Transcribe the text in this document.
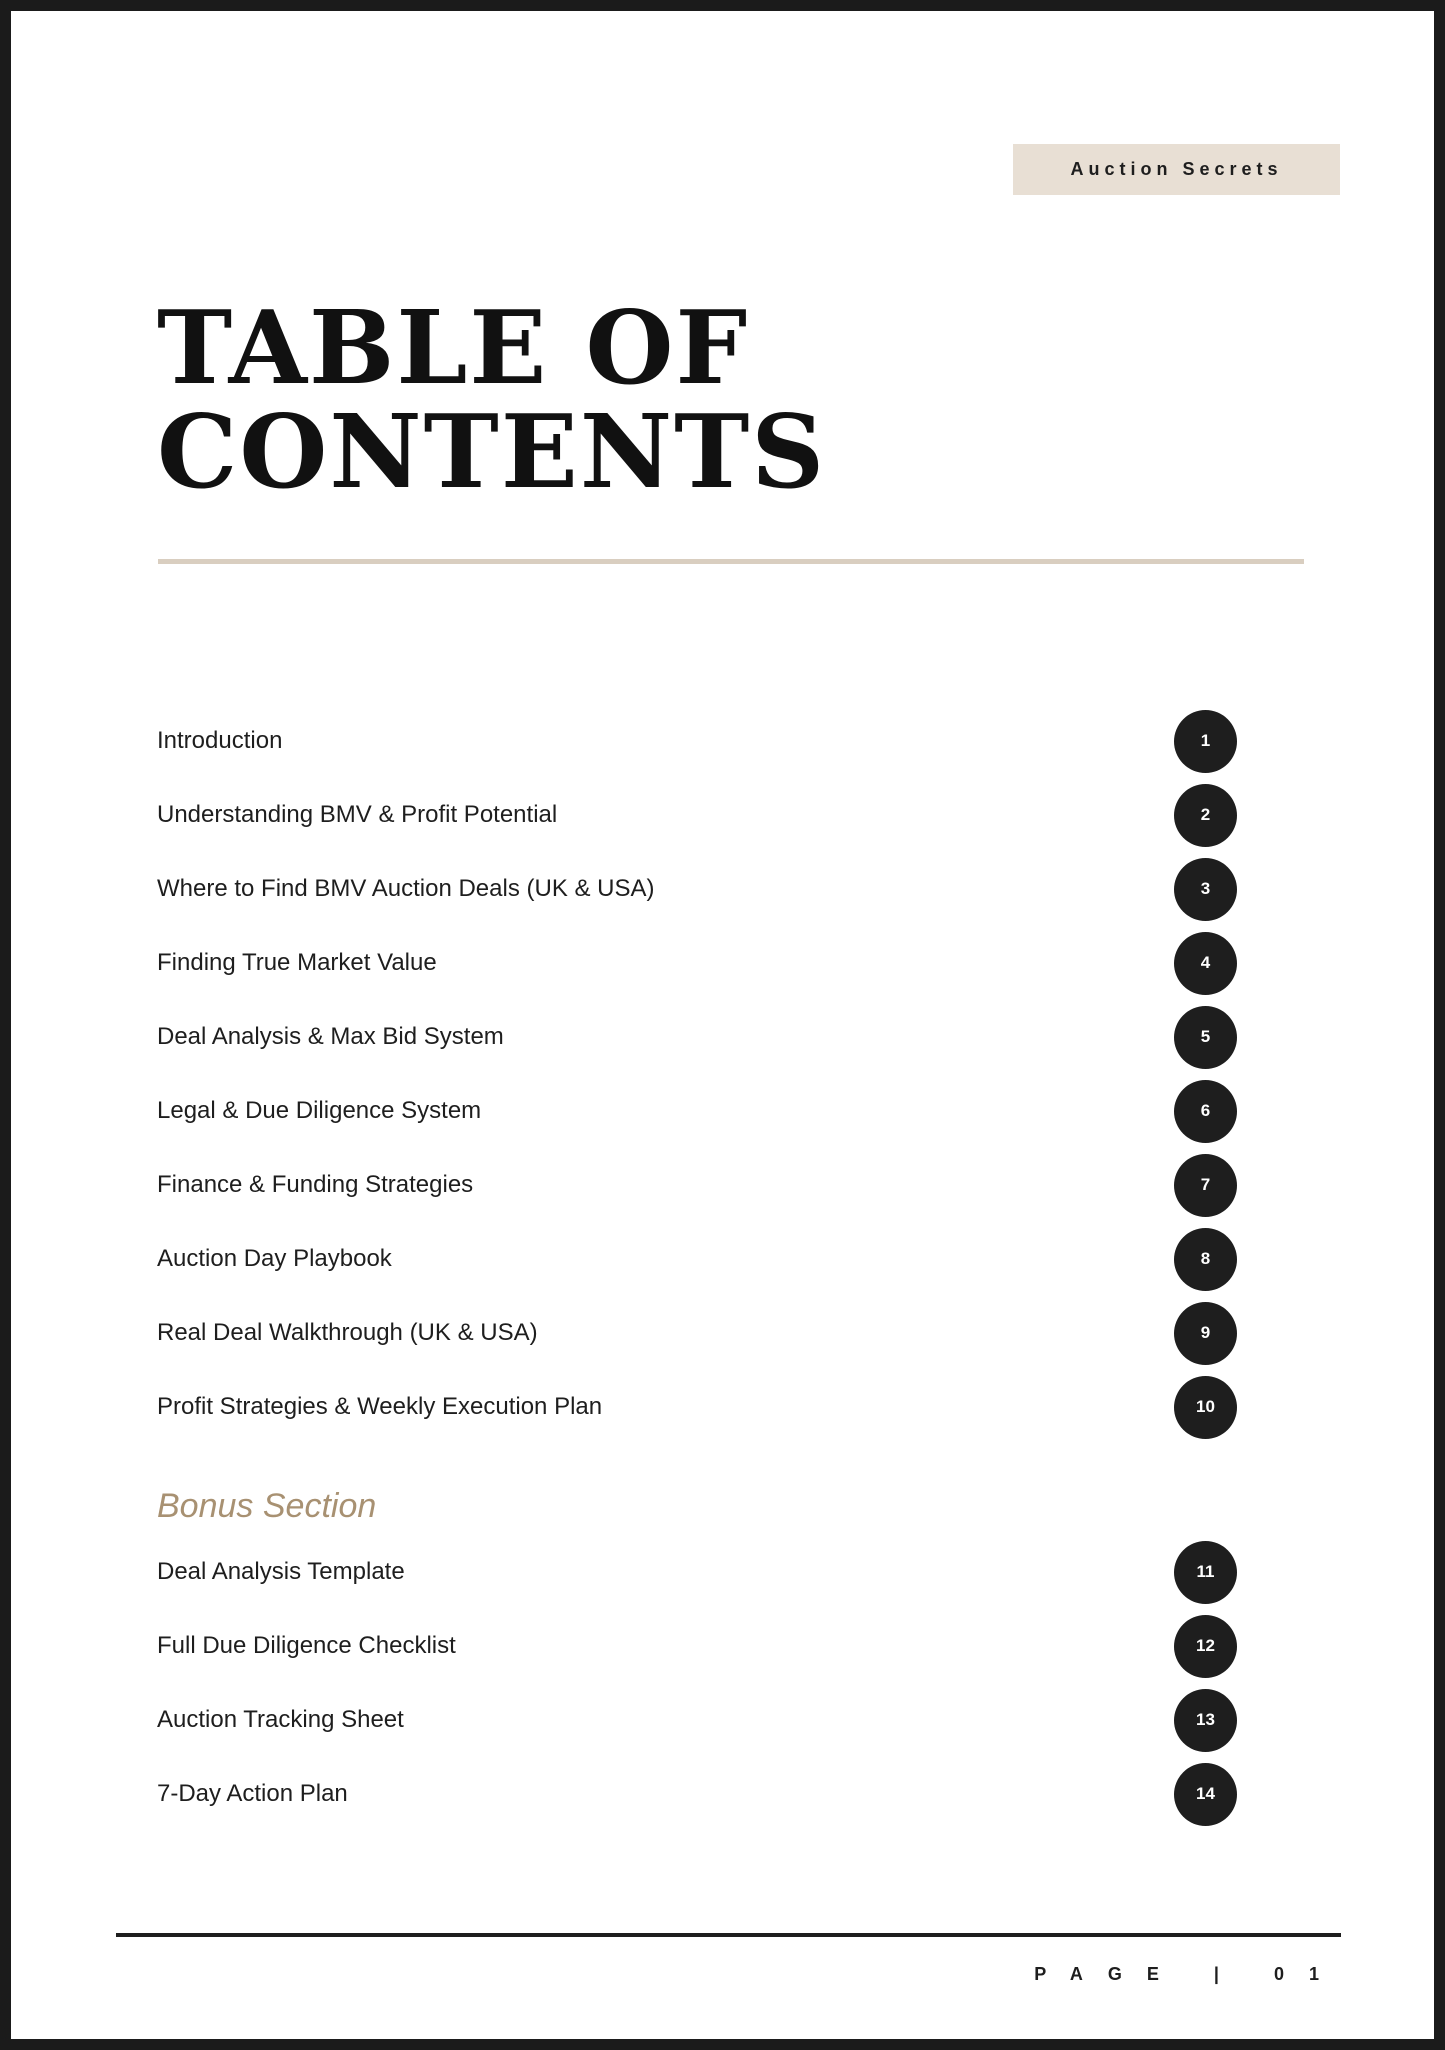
Auction Secrets
TABLE OF
CONTENTS
Introduction	1
Understanding BMV & Profit Potential	2
Where to Find BMV Auction Deals (UK & USA)	3
Finding True Market Value	4
Deal Analysis & Max Bid System	5
Legal & Due Diligence System	6
Finance & Funding Strategies	7
Auction Day Playbook	8
Real Deal Walkthrough (UK & USA)	9
Profit Strategies & Weekly Execution Plan	10
Bonus Section
Deal Analysis Template	11
Full Due Diligence Checklist	12
Auction Tracking Sheet	13
7-Day Action Plan	14
PAGE | 01
